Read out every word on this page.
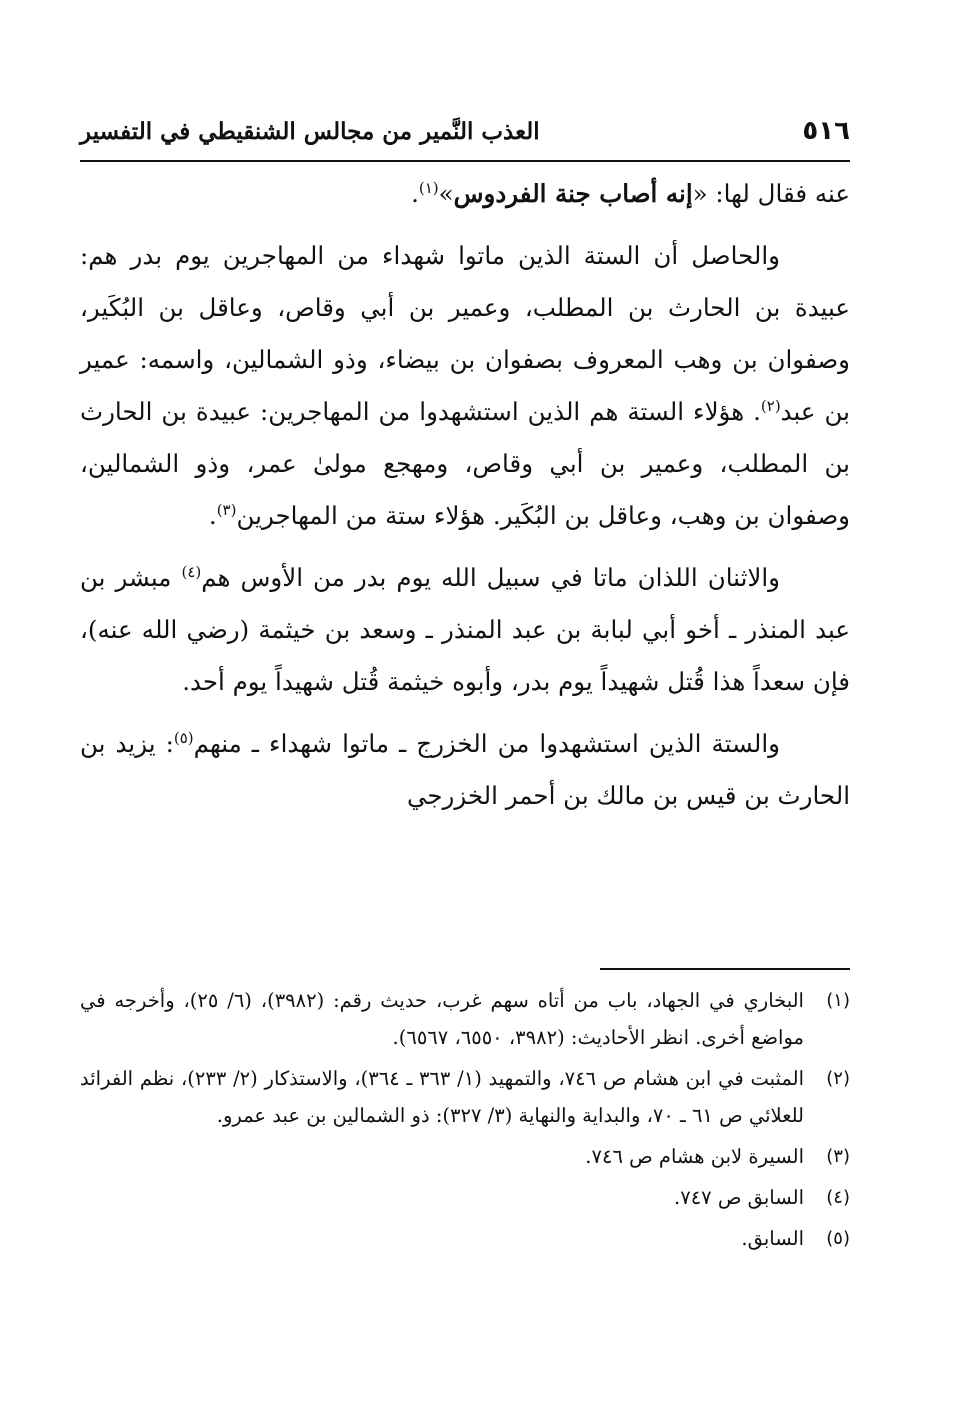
٥١٦
العذب النَّمير من مجالس الشنقيطي في التفسير

عنه فقال لها: «إنه أصاب جنة الفردوس»$^{(١)}$.

والحاصل أن الستة الذين ماتوا شهداء من المهاجرين يوم بدر هم: عبيدة بن الحارث بن المطلب، وعمير بن أبي وقاص، وعاقل بن البُكَير، وصفوان بن وهب المعروف بصفوان بن بيضاء، وذو الشمالين، واسمه: عمير بن عبد$^{(٢)}$. هؤلاء الستة هم الذين استشهدوا من المهاجرين: عبيدة بن الحارث بن المطلب، وعمير بن أبي وقاص، ومهجع مولىٰ عمر، وذو الشمالين، وصفوان بن وهب، وعاقل بن البُكَير. هؤلاء ستة من المهاجرين$^{(٣)}$.

والاثنان اللذان ماتا في سبيل الله يوم بدر من الأوس هم$^{(٤)}$ مبشر بن عبد المنذر ـ أخو أبي لبابة بن عبد المنذر ـ وسعد بن خيثمة (رضي الله عنه)، فإن سعداً هذا قُتل شهيداً يوم بدر، وأبوه خيثمة قُتل شهيداً يوم أحد.

والستة الذين استشهدوا من الخزرج ـ ماتوا شهداء ـ منهم$^{(٥)}$: يزيد بن الحارث بن قيس بن مالك بن أحمر الخزرجي

(١)
البخاري في الجهاد، باب من أتاه سهم غرب، حديث رقم: (٣٩٨٢)، (٦/ ٢٥)، وأخرجه في مواضع أخرى. انظر الأحاديث: (٣٩٨٢، ٦٥٥٠، ٦٥٦٧).
(٢)
المثبت في ابن هشام ص ٧٤٦، والتمهيد (١/ ٣٦٣ ـ ٣٦٤)، والاستذكار (٢/ ٢٣٣)، نظم الفرائد للعلائي ص ٦١ ـ ٧٠، والبداية والنهاية (٣/ ٣٢٧): ذو الشمالين بن عبد عمرو.
(٣)
السيرة لابن هشام ص ٧٤٦.
(٤)
السابق ص ٧٤٧.
(٥)
السابق.
